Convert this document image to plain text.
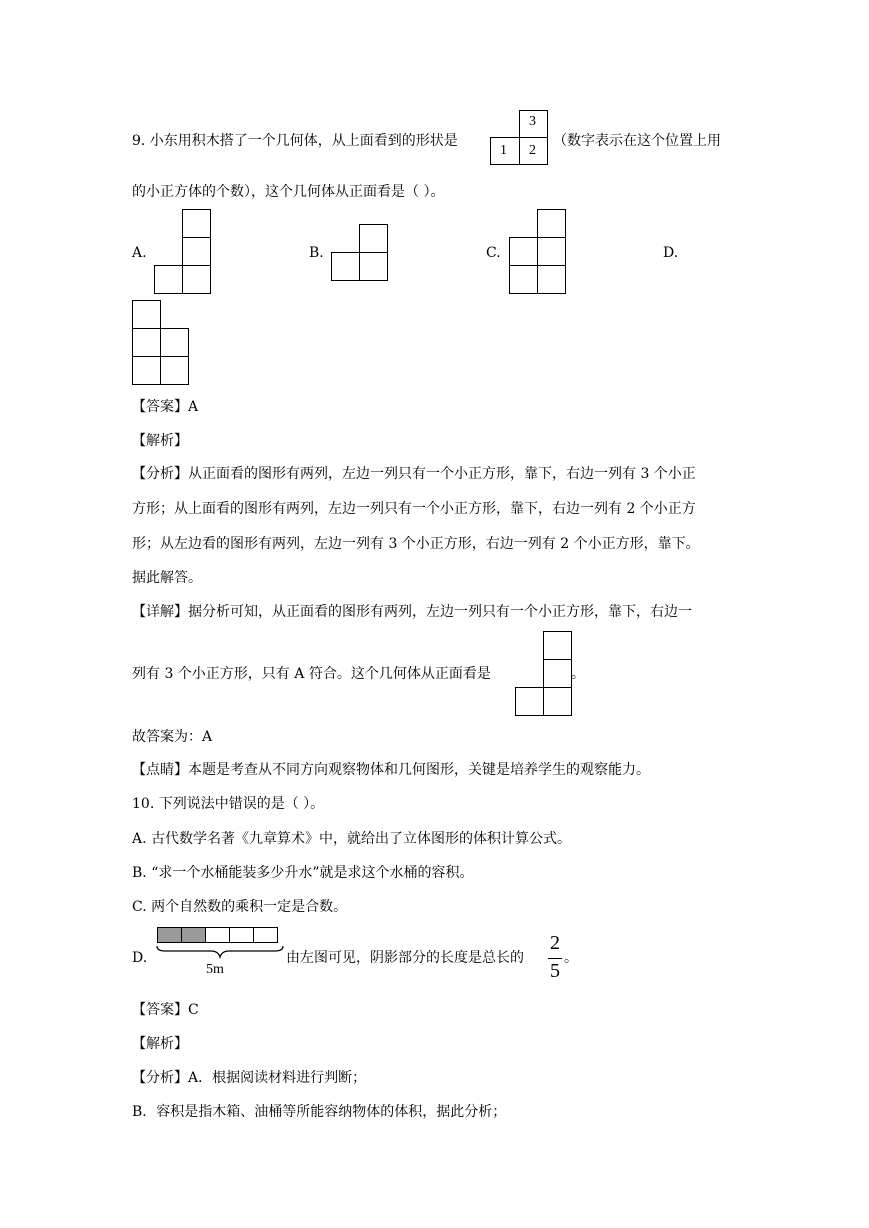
9. 小东用积木搭了一个几何体，从上面看到的形状是
3
1 2
（数字表示在这个位置上用
的小正方体的个数），这个几何体从正面看是（ ）。
A.	B.	C.	D.
【答案】A
【解析】
【分析】从正面看的图形有两列，左边一列只有一个小正方形，靠下，右边一列有 3 个小正
方形；从上面看的图形有两列，左边一列只有一个小正方形，靠下，右边一列有 2 个小正方
形；从左边看的图形有两列，左边一列有 3 个小正方形，右边一列有 2 个小正方形，靠下。
据此解答。
【详解】据分析可知，从正面看的图形有两列，左边一列只有一个小正方形，靠下，右边一
列有 3 个小正方形，只有 A 符合。这个几何体从正面看是	。
故答案为：A
【点睛】本题是考查从不同方向观察物体和几何图形，关键是培养学生的观察能力。
10. 下列说法中错误的是（ ）。
A. 古代数学名著《九章算术》中，就给出了立体图形的体积计算公式。
B. “求一个水桶能装多少升水”就是求这个水桶的容积。
C. 两个自然数的乘积一定是合数。
D.
5m
由左图可见，阴影部分的长度是总长的
2
5
。
【答案】C
【解析】
【分析】A．根据阅读材料进行判断；
B．容积是指木箱、油桶等所能容纳物体的体积，据此分析；
